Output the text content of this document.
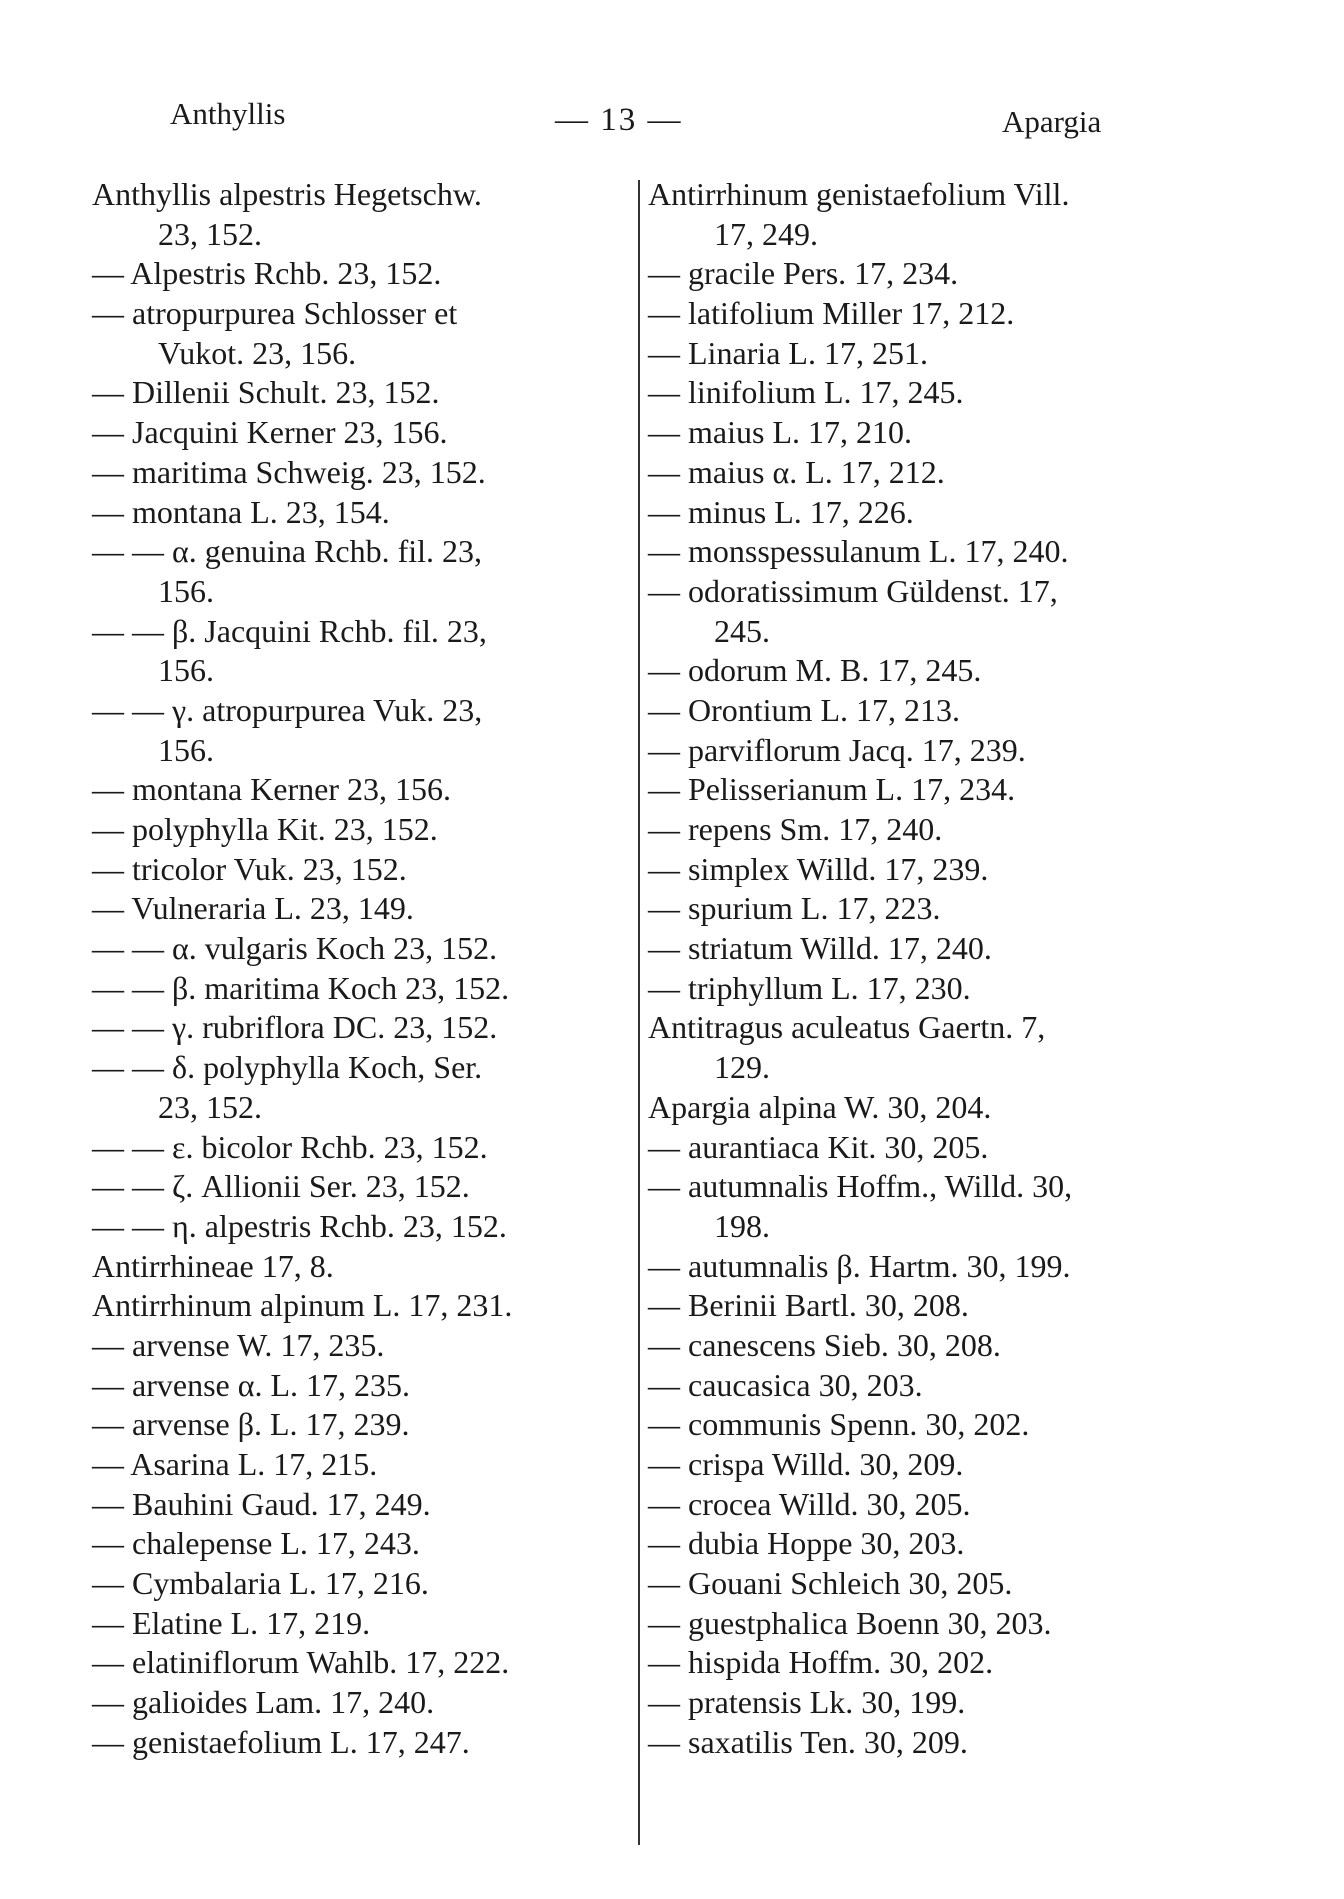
Anthyllis	— 13 —	Apargia
Anthyllis alpestris Hegetschw.
23, 152.
— Alpestris Rchb. 23, 152.
— atropurpurea Schlosser et
Vukot. 23, 156.
— Dillenii Schult. 23, 152.
— Jacquini Kerner 23, 156.
— maritima Schweig. 23, 152.
— montana L. 23, 154.
— — α. genuina Rchb. fil. 23,
156.
— — β. Jacquini Rchb. fil. 23,
156.
— — γ. atropurpurea Vuk. 23,
156.
— montana Kerner 23, 156.
— polyphylla Kit. 23, 152.
— tricolor Vuk. 23, 152.
— Vulneraria L. 23, 149.
— — α. vulgaris Koch 23, 152.
— — β. maritima Koch 23, 152.
— — γ. rubriflora DC. 23, 152.
— — δ. polyphylla Koch, Ser.
23, 152.
— — ε. bicolor Rchb. 23, 152.
— — ζ. Allionii Ser. 23, 152.
— — η. alpestris Rchb. 23, 152.
Antirrhineae 17, 8.
Antirrhinum alpinum L. 17, 231.
— arvense W. 17, 235.
— arvense α. L. 17, 235.
— arvense β. L. 17, 239.
— Asarina L. 17, 215.
— Bauhini Gaud. 17, 249.
— chalepense L. 17, 243.
— Cymbalaria L. 17, 216.
— Elatine L. 17, 219.
— elatiniflorum Wahlb. 17, 222.
— galioides Lam. 17, 240.
— genistaefolium L. 17, 247.
Antirrhinum genistaefolium Vill.
17, 249.
— gracile Pers. 17, 234.
— latifolium Miller 17, 212.
— Linaria L. 17, 251.
— linifolium L. 17, 245.
— maius L. 17, 210.
— maius α. L. 17, 212.
— minus L. 17, 226.
— monsspessulanum L. 17, 240.
— odoratissimum Güldenst. 17,
245.
— odorum M. B. 17, 245.
— Orontium L. 17, 213.
— parviflorum Jacq. 17, 239.
— Pelisserianum L. 17, 234.
— repens Sm. 17, 240.
— simplex Willd. 17, 239.
— spurium L. 17, 223.
— striatum Willd. 17, 240.
— triphyllum L. 17, 230.
Antitragus aculeatus Gaertn. 7,
129.
Apargia alpina W. 30, 204.
— aurantiaca Kit. 30, 205.
— autumnalis Hoffm., Willd. 30,
198.
— autumnalis β. Hartm. 30, 199.
— Berinii Bartl. 30, 208.
— canescens Sieb. 30, 208.
— caucasica 30, 203.
— communis Spenn. 30, 202.
— crispa Willd. 30, 209.
— crocea Willd. 30, 205.
— dubia Hoppe 30, 203.
— Gouani Schleich 30, 205.
— guestphalica Boenn 30, 203.
— hispida Hoffm. 30, 202.
— pratensis Lk. 30, 199.
— saxatilis Ten. 30, 209.
